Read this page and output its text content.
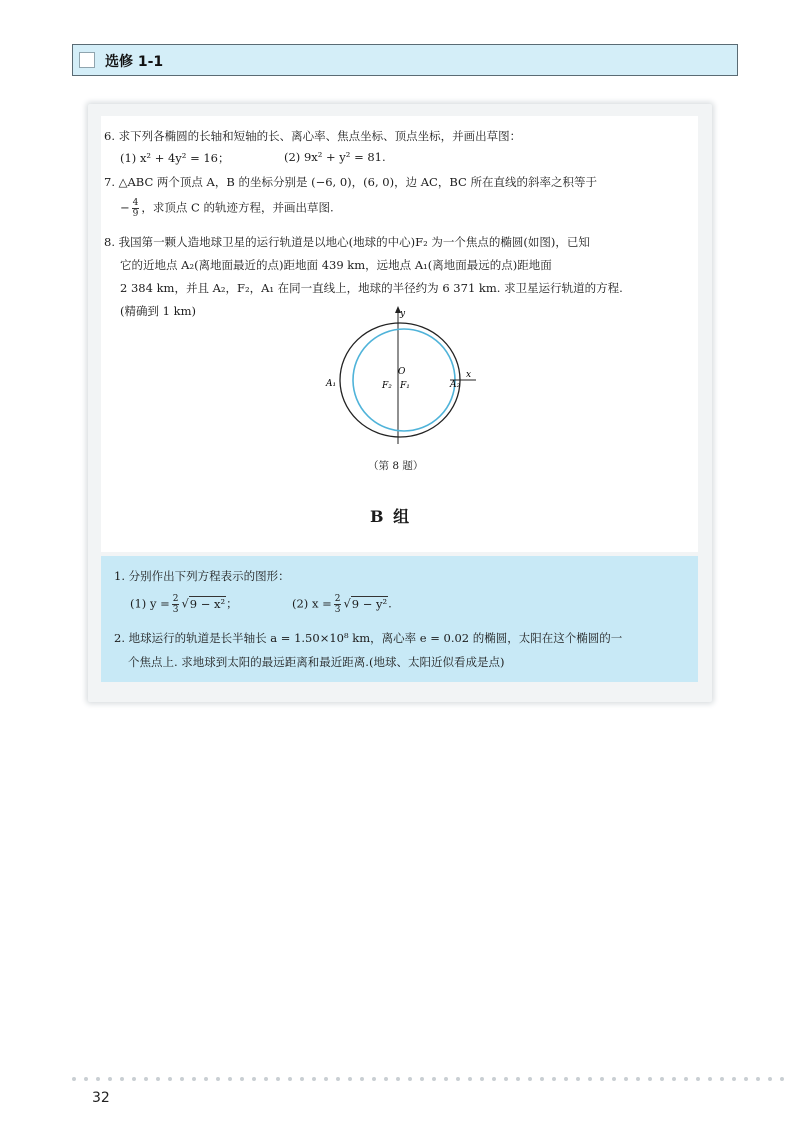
选修 1-1
6. 求下列各椭圆的长轴和短轴的长、离心率、焦点坐标、顶点坐标，并画出草图：
(1) x² + 4y² = 16；	(2) 9x² + y² = 81.
7. △ABC 两个顶点 A，B 的坐标分别是 (−6, 0)，(6, 0)，边 AC，BC 所在直线的斜率之积等于
− $\frac{4}{9}$ ，求顶点 C 的轨迹方程，并画出草图.
8. 我国第一颗人造地球卫星的运行轨道是以地心(地球的中心)F₂ 为一个焦点的椭圆(如图)，已知
它的近地点 A₂(离地面最近的点)距地面 439 km，远地点 A₁(离地面最远的点)距地面
2 384 km，并且 A₂，F₂，A₁ 在同一直线上，地球的半径约为 6 371 km. 求卫星运行轨道的方程.
(精确到 1 km)	y
x
O
F₂ F₁
A₁	A₂
（第 8 题）
B 组
1. 分别作出下列方程表示的图形：
(1) $y = \frac{2}{3} √9 - x^2$；	(2) $x = \frac{2}{3} √9 - y^2$.
2. 地球运行的轨道是长半轴长 a = 1.50×10⁸ km，离心率 e = 0.02 的椭圆，太阳在这个椭圆的一
个焦点上. 求地球到太阳的最远距离和最近距离.(地球、太阳近似看成是点)
32
